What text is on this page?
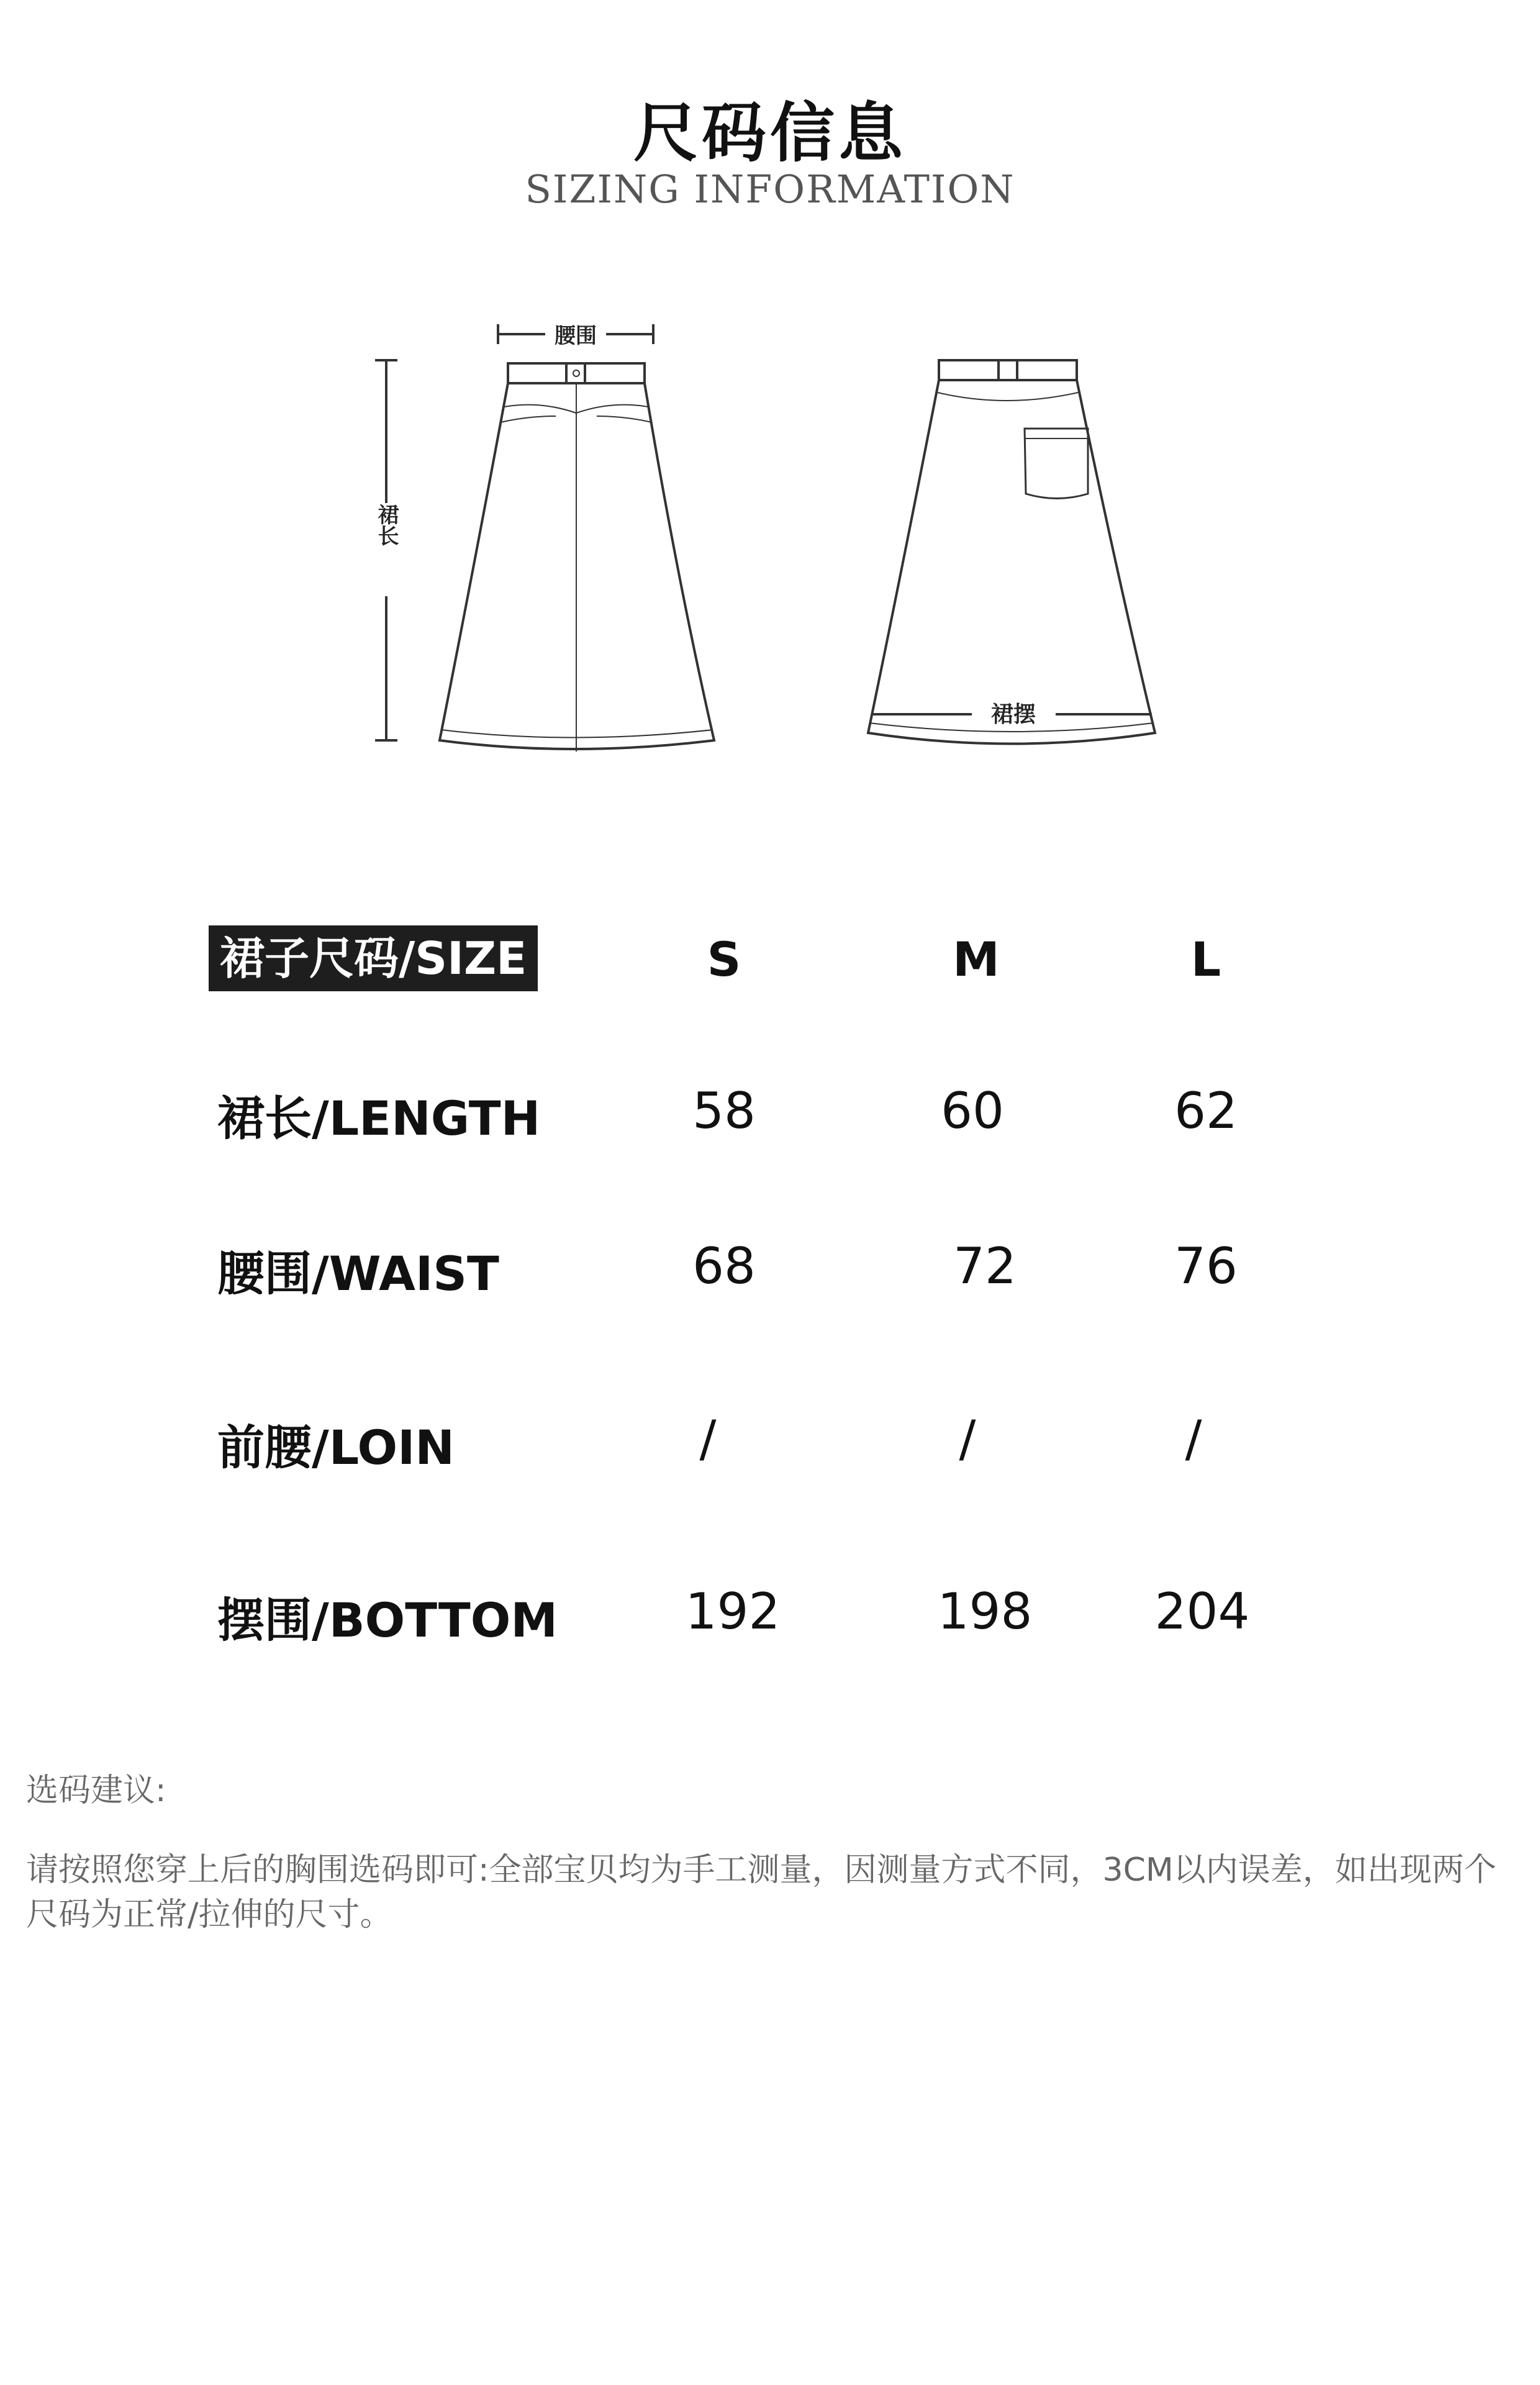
尺码信息
SIZING INFORMATION
腰围
裙长
裙摆
裙子尺码/SIZE	S	M	L
裙长/LENGTH	58	60	62
腰围/WAIST	68	72	76
前腰/LOIN	/	/	/
摆围/BOTTOM	192	198	204
选码建议:
请按照您穿上后的胸围选码即可:全部宝贝均为手工测量，因测量方式不同，3CM以内误差，如出现两个尺码为正常/拉伸的尺寸。
